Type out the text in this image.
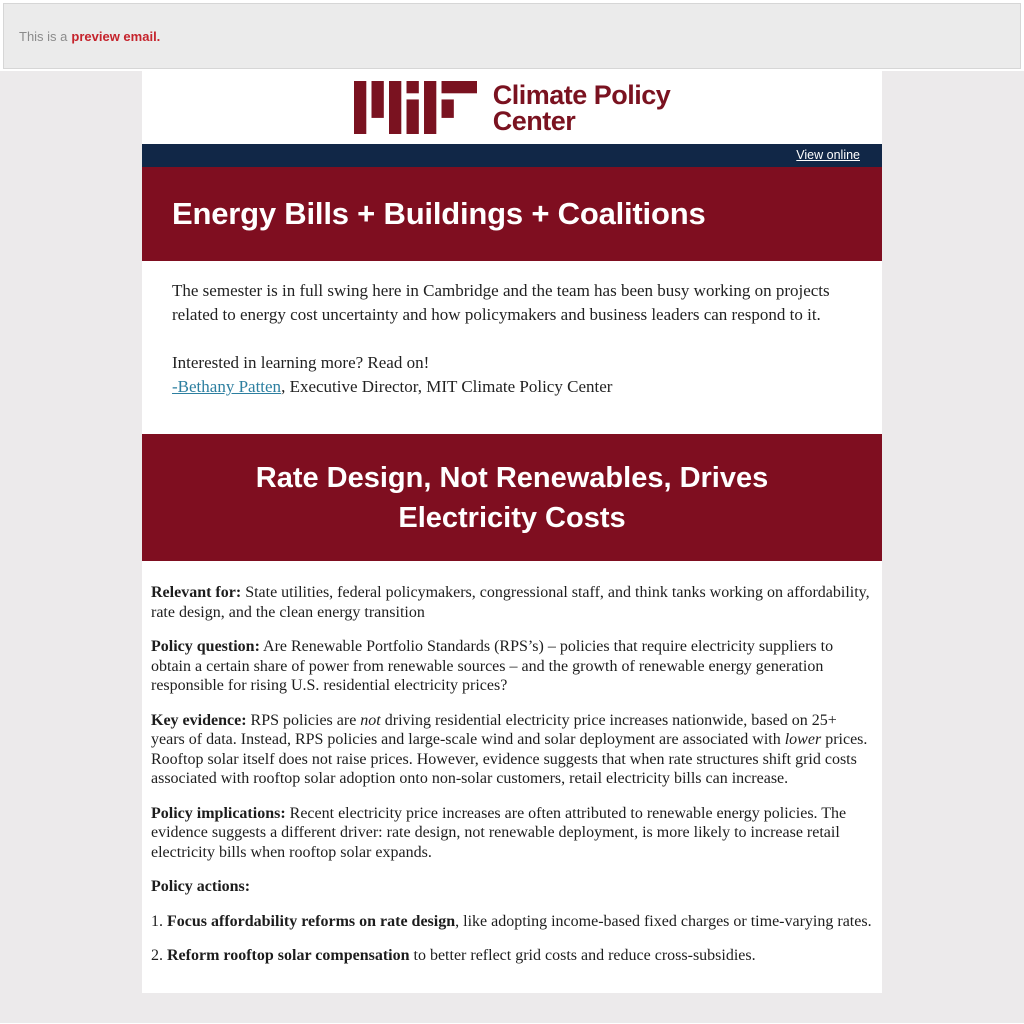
This is a preview email.
Climate Policy
Center
View online
Energy Bills + Buildings + Coalitions

The semester is in full swing here in Cambridge and the team has been busy working on projects related to energy cost uncertainty and how policymakers and business leaders can respond to it.

Interested in learning more? Read on!

-Bethany Patten, Executive Director, MIT Climate Policy Center

Rate Design, Not Renewables, Drives Electricity Costs

Relevant for: State utilities, federal policymakers, congressional staff, and think tanks working on affordability, rate design, and the clean energy transition

Policy question: Are Renewable Portfolio Standards (RPS’s) – policies that require electricity suppliers to obtain a certain share of power from renewable sources – and the growth of renewable energy generation responsible for rising U.S. residential electricity prices?

Key evidence: RPS policies are not driving residential electricity price increases nationwide, based on 25+ years of data. Instead, RPS policies and large-scale wind and solar deployment are associated with lower prices. Rooftop solar itself does not raise prices. However, evidence suggests that when rate structures shift grid costs associated with rooftop solar adoption onto non-solar customers, retail electricity bills can increase.

Policy implications: Recent electricity price increases are often attributed to renewable energy policies. The evidence suggests a different driver: rate design, not renewable deployment, is more likely to increase retail electricity bills when rooftop solar expands.

Policy actions:

1. Focus affordability reforms on rate design, like adopting income-based fixed charges or time-varying rates.

2. Reform rooftop solar compensation to better reflect grid costs and reduce cross-subsidies.
